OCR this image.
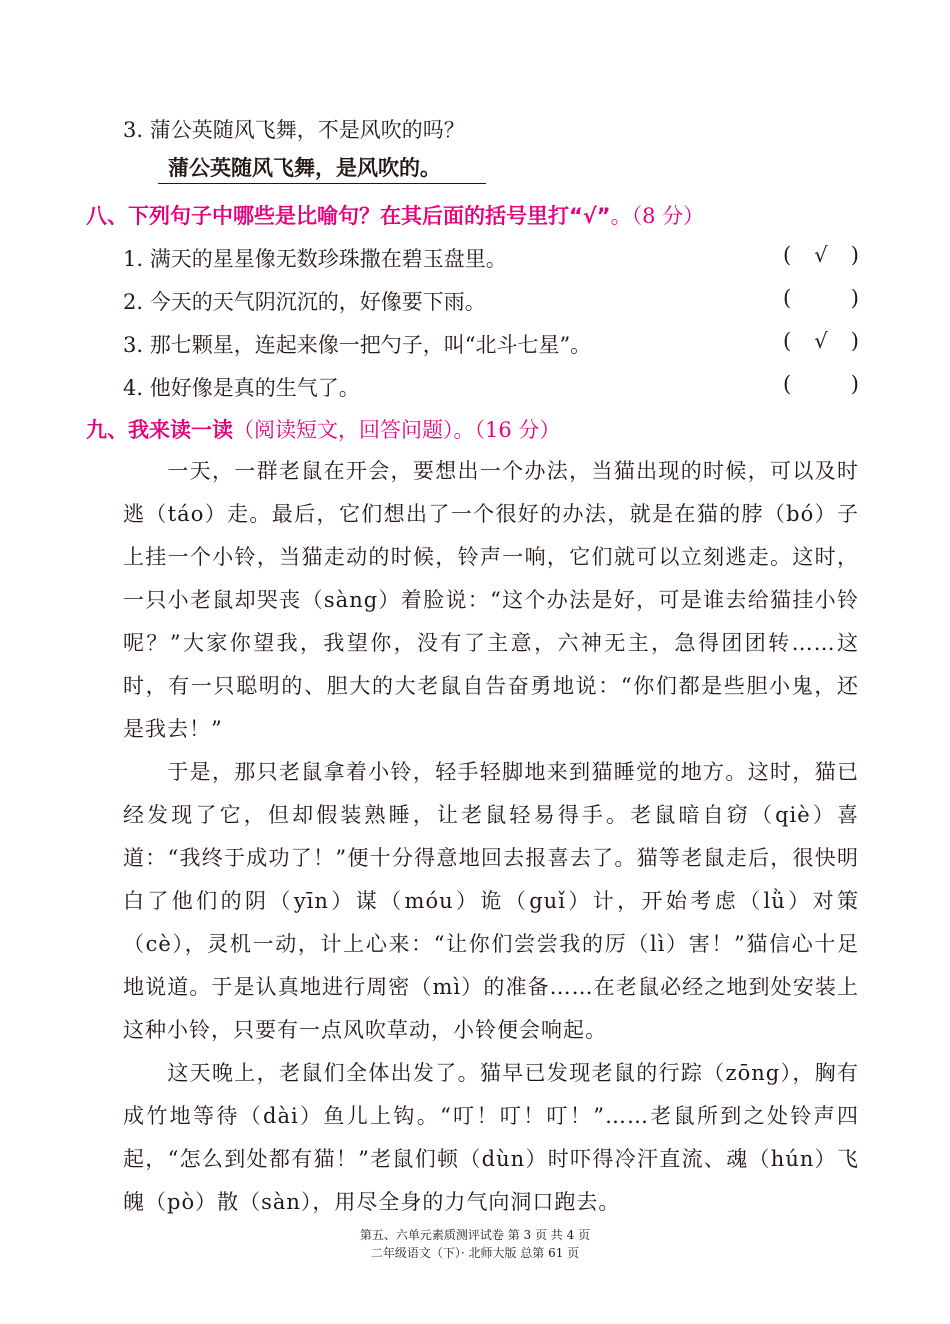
3. 蒲公英随风飞舞，不是风吹的吗？
蒲公英随风飞舞，是风吹的。
八、下列句子中哪些是比喻句？在其后面的括号里打“√”。（8 分）
1. 满天的星星像无数珍珠撒在碧玉盘里。	(	√	)
2. 今天的天气阴沉沉的，好像要下雨。	(	)
3. 那七颗星，连起来像一把勺子，叫“北斗七星”。	(	√	)
4. 他好像是真的生气了。	(	)
九、我来读一读（阅读短文，回答问题）。（16 分）
一天，一群老鼠在开会，要想出一个办法，当猫出现的时候，可以及时逃（táo）走。最后，它们想出了一个很好的办法，就是在猫的脖（bó）子上挂一个小铃，当猫走动的时候，铃声一响，它们就可以立刻逃走。这时，一只小老鼠却哭丧（sàng）着脸说：“这个办法是好，可是谁去给猫挂小铃呢？”大家你望我，我望你，没有了主意，六神无主，急得团团转……这时，有一只聪明的、胆大的大老鼠自告奋勇地说：“你们都是些胆小鬼，还是我去！”
于是，那只老鼠拿着小铃，轻手轻脚地来到猫睡觉的地方。这时，猫已经发现了它，但却假装熟睡，让老鼠轻易得手。老鼠暗自窃（qiè）喜道：“我终于成功了！”便十分得意地回去报喜去了。猫等老鼠走后，很快明白了他们的阴（yīn）谋（móu）诡（guǐ）计，开始考虑（lǜ）对策（cè），灵机一动，计上心来：“让你们尝尝我的厉（lì）害！”猫信心十足地说道。于是认真地进行周密（mì）的准备……在老鼠必经之地到处安装上这种小铃，只要有一点风吹草动，小铃便会响起。
这天晚上，老鼠们全体出发了。猫早已发现老鼠的行踪（zōng），胸有成竹地等待（dài）鱼儿上钩。“叮！叮！叮！”……老鼠所到之处铃声四起，“怎么到处都有猫！”老鼠们顿（dùn）时吓得冷汗直流、魂（hún）飞魄（pò）散（sàn），用尽全身的力气向洞口跑去。
第五、六单元素质测评试卷 第 3 页 共 4 页
二年级语文（下）· 北师大版 总第 61 页
